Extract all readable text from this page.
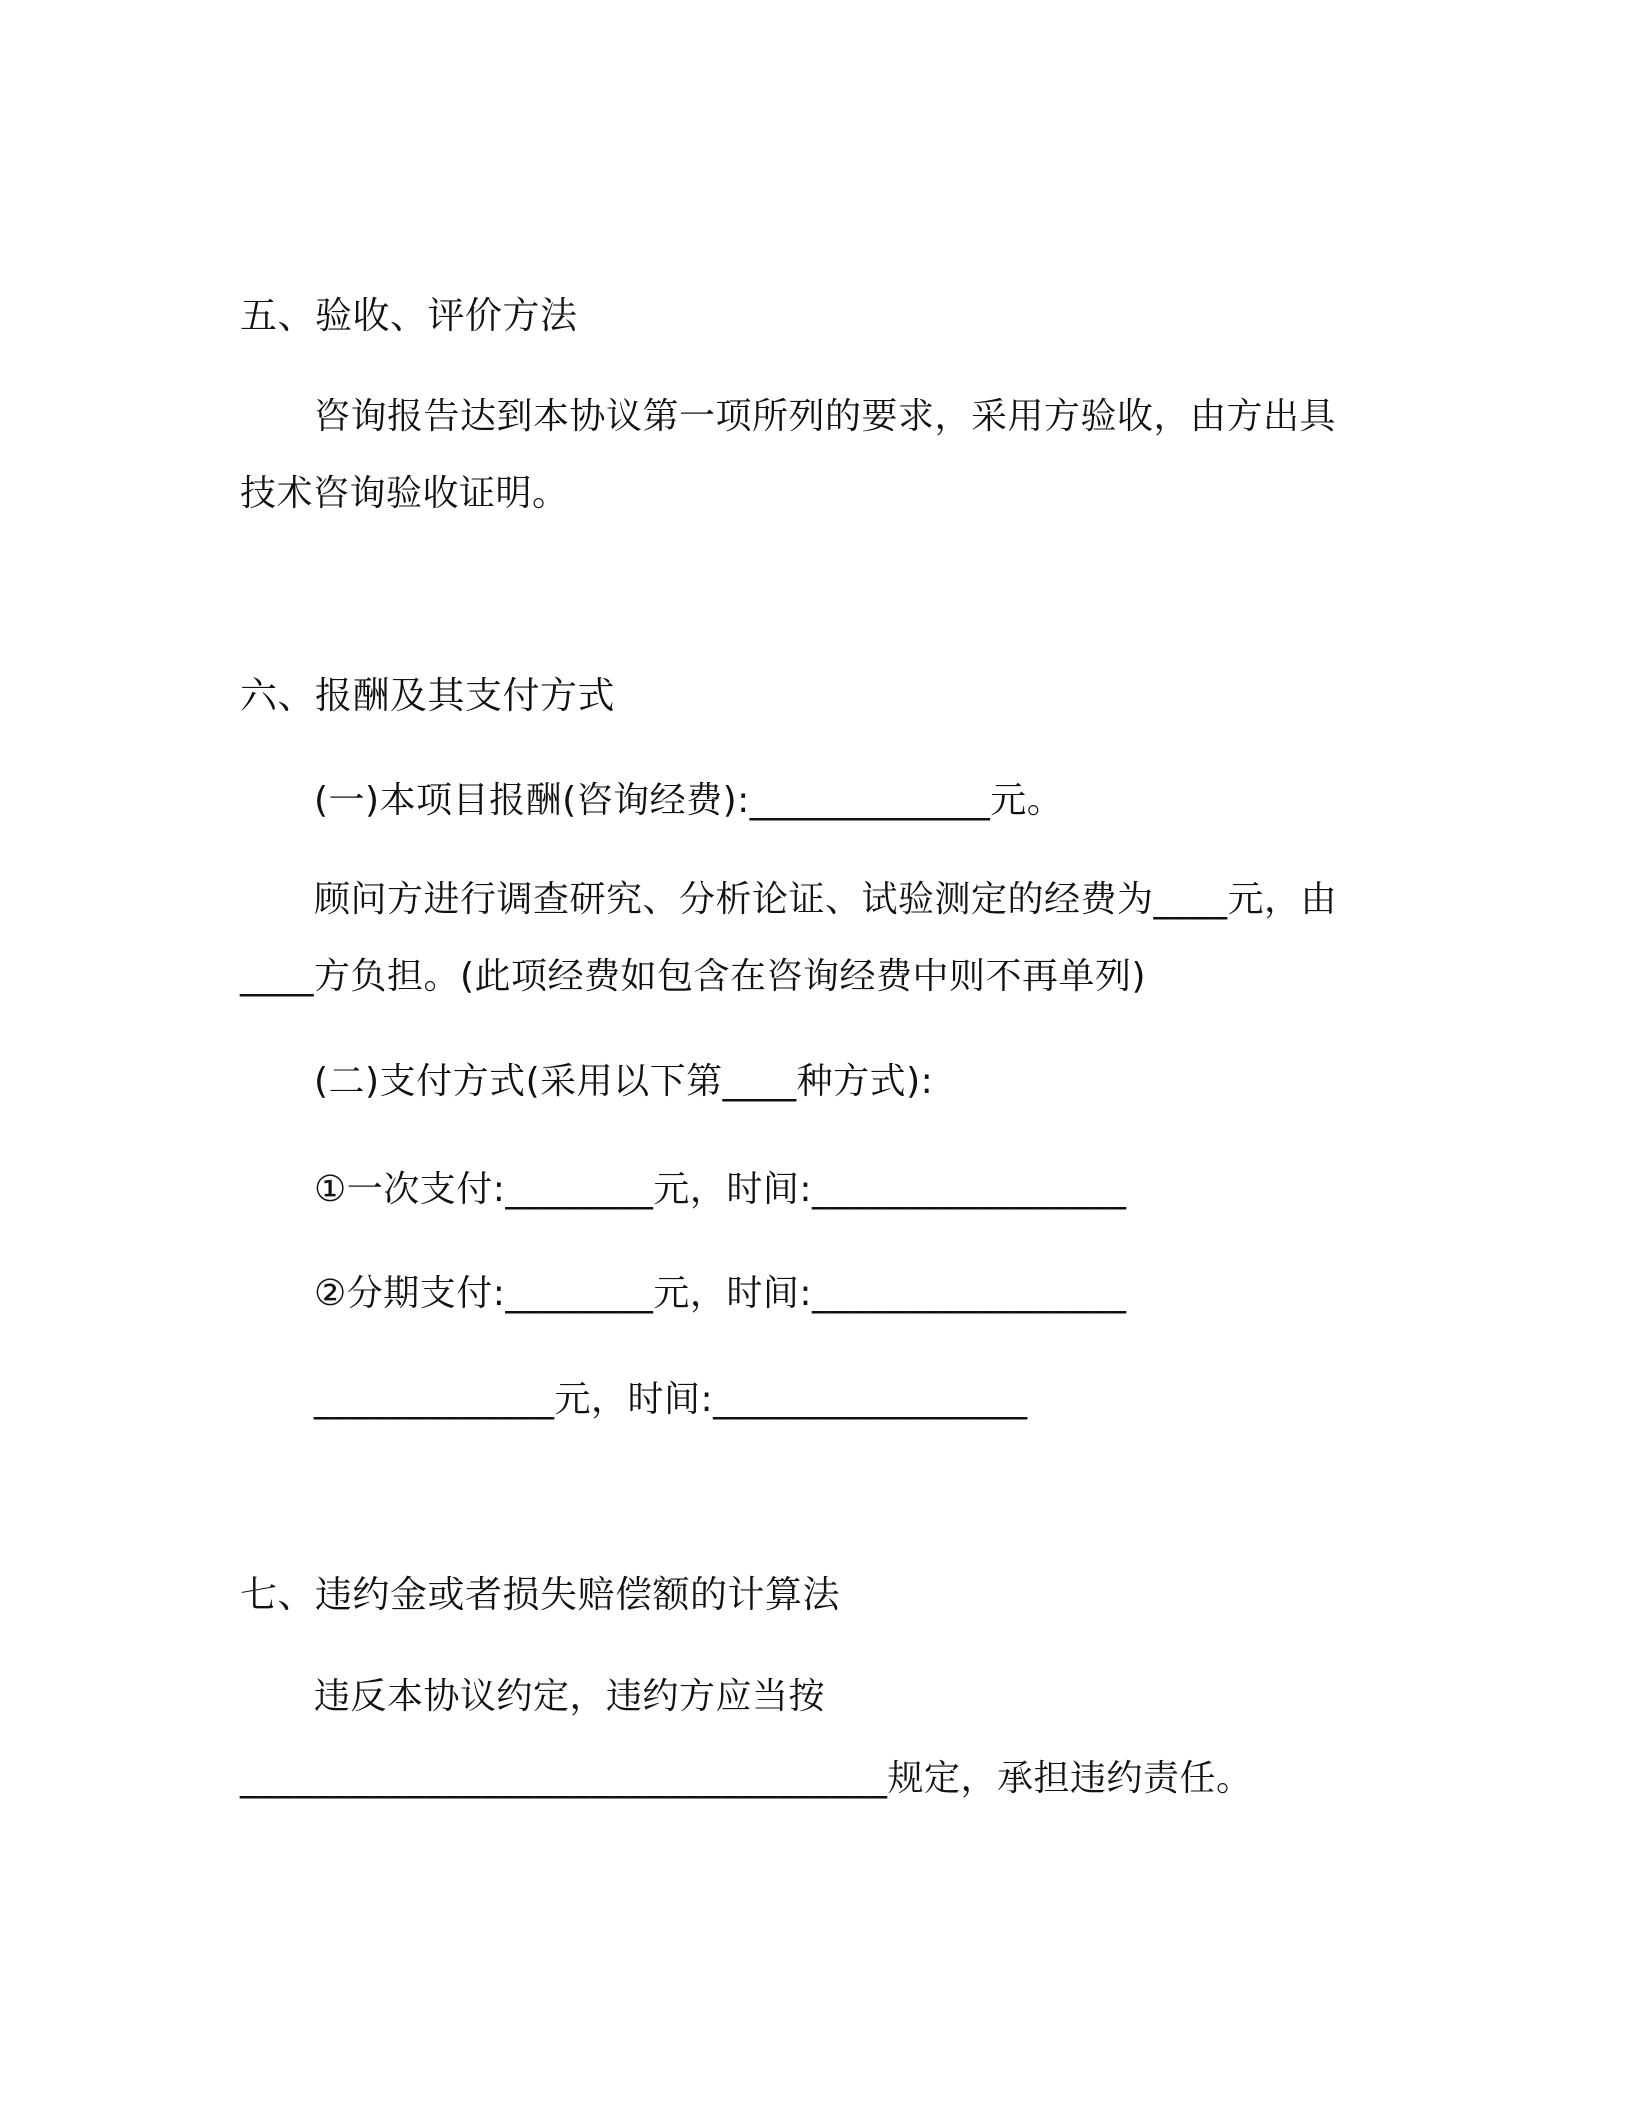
五、验收、评价方法
咨询报告达到本协议第一项所列的要求，采用方验收，由方出具
技术咨询验收证明。
六、报酬及其支付方式
(一)本项目报酬(咨询经费):_____________元。
顾问方进行调查研究、分析论证、试验测定的经费为____元，由
____方负担。(此项经费如包含在咨询经费中则不再单列)
(二)支付方式(采用以下第____种方式):
①一次支付:________元，时间:_________________
②分期支付:________元，时间:_________________
_____________元，时间:_________________
七、违约金或者损失赔偿额的计算法
违反本协议约定，违约方应当按
___________________________________规定，承担违约责任。
